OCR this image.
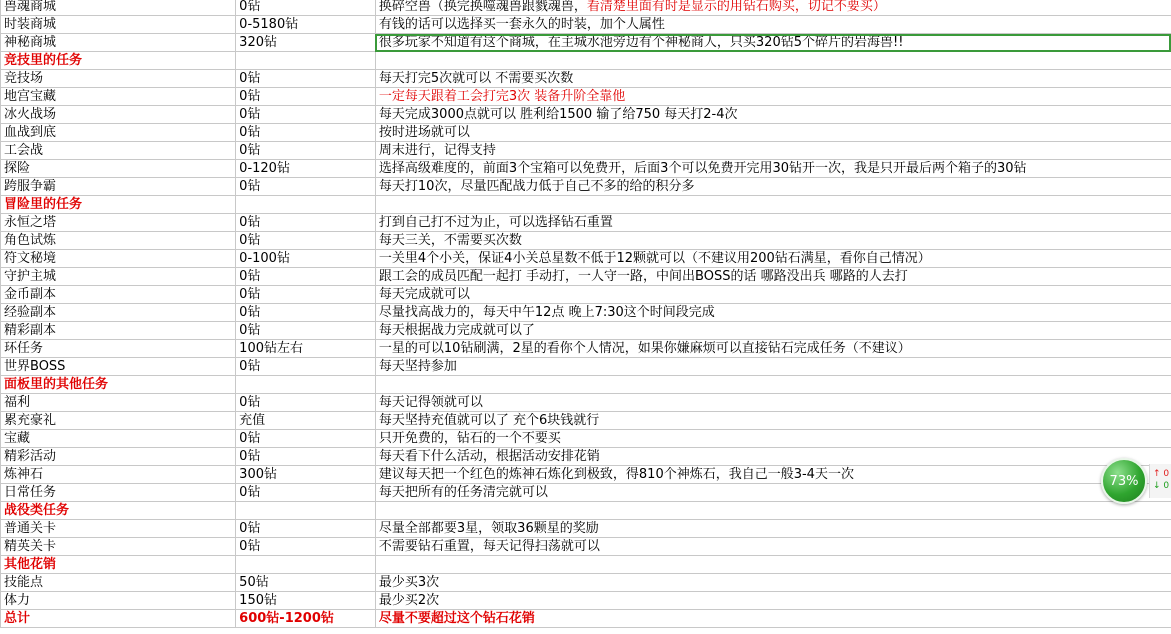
兽魂商城	0钻	换碎空兽（换完换噬魂兽跟戮魂兽，看清楚里面有时是显示的用钻石购买，切记不要买）
时装商城	0-5180钻	有钱的话可以选择买一套永久的时装，加个人属性
神秘商城	320钻	很多玩家不知道有这个商城，在主城水池旁边有个神秘商人，只买320钻5个碎片的岩海兽!!
竞技里的任务		
竞技场	0钻	每天打完5次就可以 不需要买次数
地宫宝藏	0钻	一定每天跟着工会打完3次 装备升阶全靠他
冰火战场	0钻	每天完成3000点就可以 胜利给1500 输了给750 每天打2-4次
血战到底	0钻	按时进场就可以
工会战	0钻	周末进行，记得支持
探险	0-120钻	选择高级难度的，前面3个宝箱可以免费开，后面3个可以免费开完用30钻开一次，我是只开最后两个箱子的30钻
跨服争霸	0钻	每天打10次，尽量匹配战力低于自己不多的给的积分多
冒险里的任务		
永恒之塔	0钻	打到自己打不过为止，可以选择钻石重置
角色试炼	0钻	每天三关，不需要买次数
符文秘境	0-100钻	一关里4个小关，保证4小关总星数不低于12颗就可以（不建议用200钻石满星，看你自己情况）
守护主城	0钻	跟工会的成员匹配一起打 手动打，一人守一路，中间出BOSS的话 哪路没出兵 哪路的人去打
金币副本	0钻	每天完成就可以
经验副本	0钻	尽量找高战力的，每天中午12点 晚上7:30这个时间段完成
精彩副本	0钻	每天根据战力完成就可以了
环任务	100钻左右	一星的可以10钻刷满，2星的看你个人情况，如果你嫌麻烦可以直接钻石完成任务（不建议）
世界BOSS	0钻	每天坚持参加
面板里的其他任务		
福利	0钻	每天记得领就可以
累充豪礼	充值	每天坚持充值就可以了 充个6块钱就行
宝藏	0钻	只开免费的，钻石的一个不要买
精彩活动	0钻	每天看下什么活动，根据活动安排花销
炼神石	300钻	建议每天把一个红色的炼神石炼化到极致，得810个神炼石，我自己一般3-4天一次
日常任务	0钻	每天把所有的任务清完就可以
战役类任务		
普通关卡	0钻	尽量全部都要3星，领取36颗星的奖励
精英关卡	0钻	不需要钻石重置，每天记得扫荡就可以
其他花销		
技能点	50钻	最少买3次
体力	150钻	最少买2次
总计	600钻-1200钻	尽量不要超过这个钻石花销
73%	↑ 0
↓ 0
